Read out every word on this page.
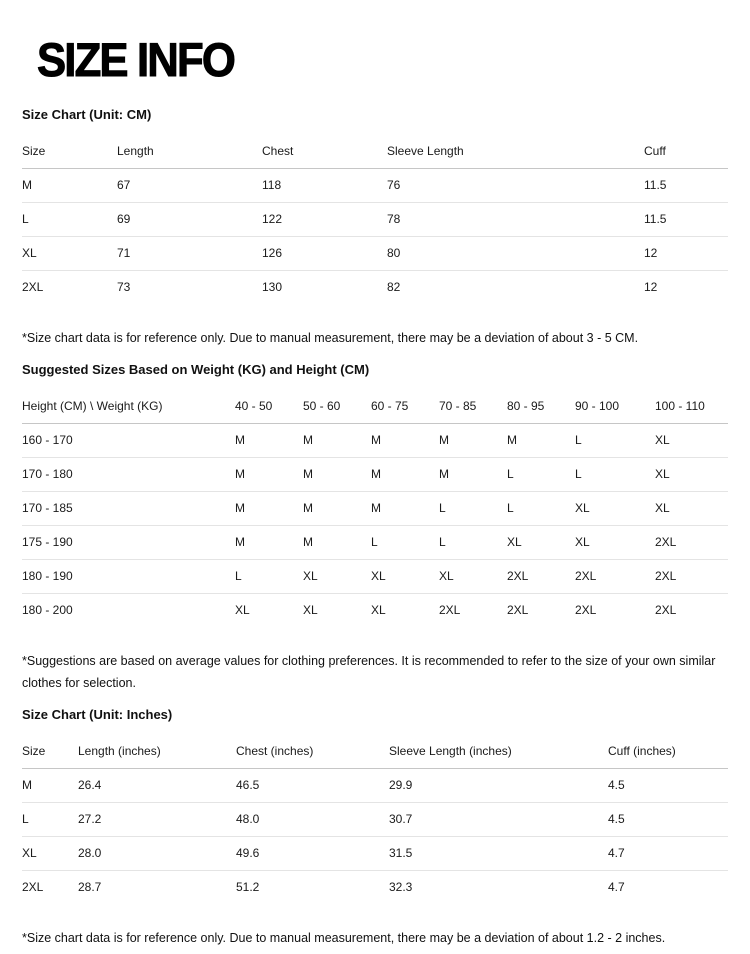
SIZE INFO
Size Chart (Unit: CM)
Size	Length	Chest	Sleeve Length	Cuff
M	67	118	76	11.5
L	69	122	78	11.5
XL	71	126	80	12
2XL	73	130	82	12

*Size chart data is for reference only. Due to manual measurement, there may be a deviation of about 3 - 5 CM.

Suggested Sizes Based on Weight (KG) and Height (CM)
Height (CM) \ Weight (KG)	40 - 50	50 - 60	60 - 75	70 - 85	80 - 95	90 - 100	100 - 110
160 - 170	M	M	M	M	M	L	XL
170 - 180	M	M	M	M	L	L	XL
170 - 185	M	M	M	L	L	XL	XL
175 - 190	M	M	L	L	XL	XL	2XL
180 - 190	L	XL	XL	XL	2XL	2XL	2XL
180 - 200	XL	XL	XL	2XL	2XL	2XL	2XL

*Suggestions are based on average values for clothing preferences. It is recommended to refer to the size of your own similar clothes for selection.

Size Chart (Unit: Inches)
Size	Length (inches)	Chest (inches)	Sleeve Length (inches)	Cuff (inches)
M	26.4	46.5	29.9	4.5
L	27.2	48.0	30.7	4.5
XL	28.0	49.6	31.5	4.7
2XL	28.7	51.2	32.3	4.7

*Size chart data is for reference only. Due to manual measurement, there may be a deviation of about 1.2 - 2 inches.
